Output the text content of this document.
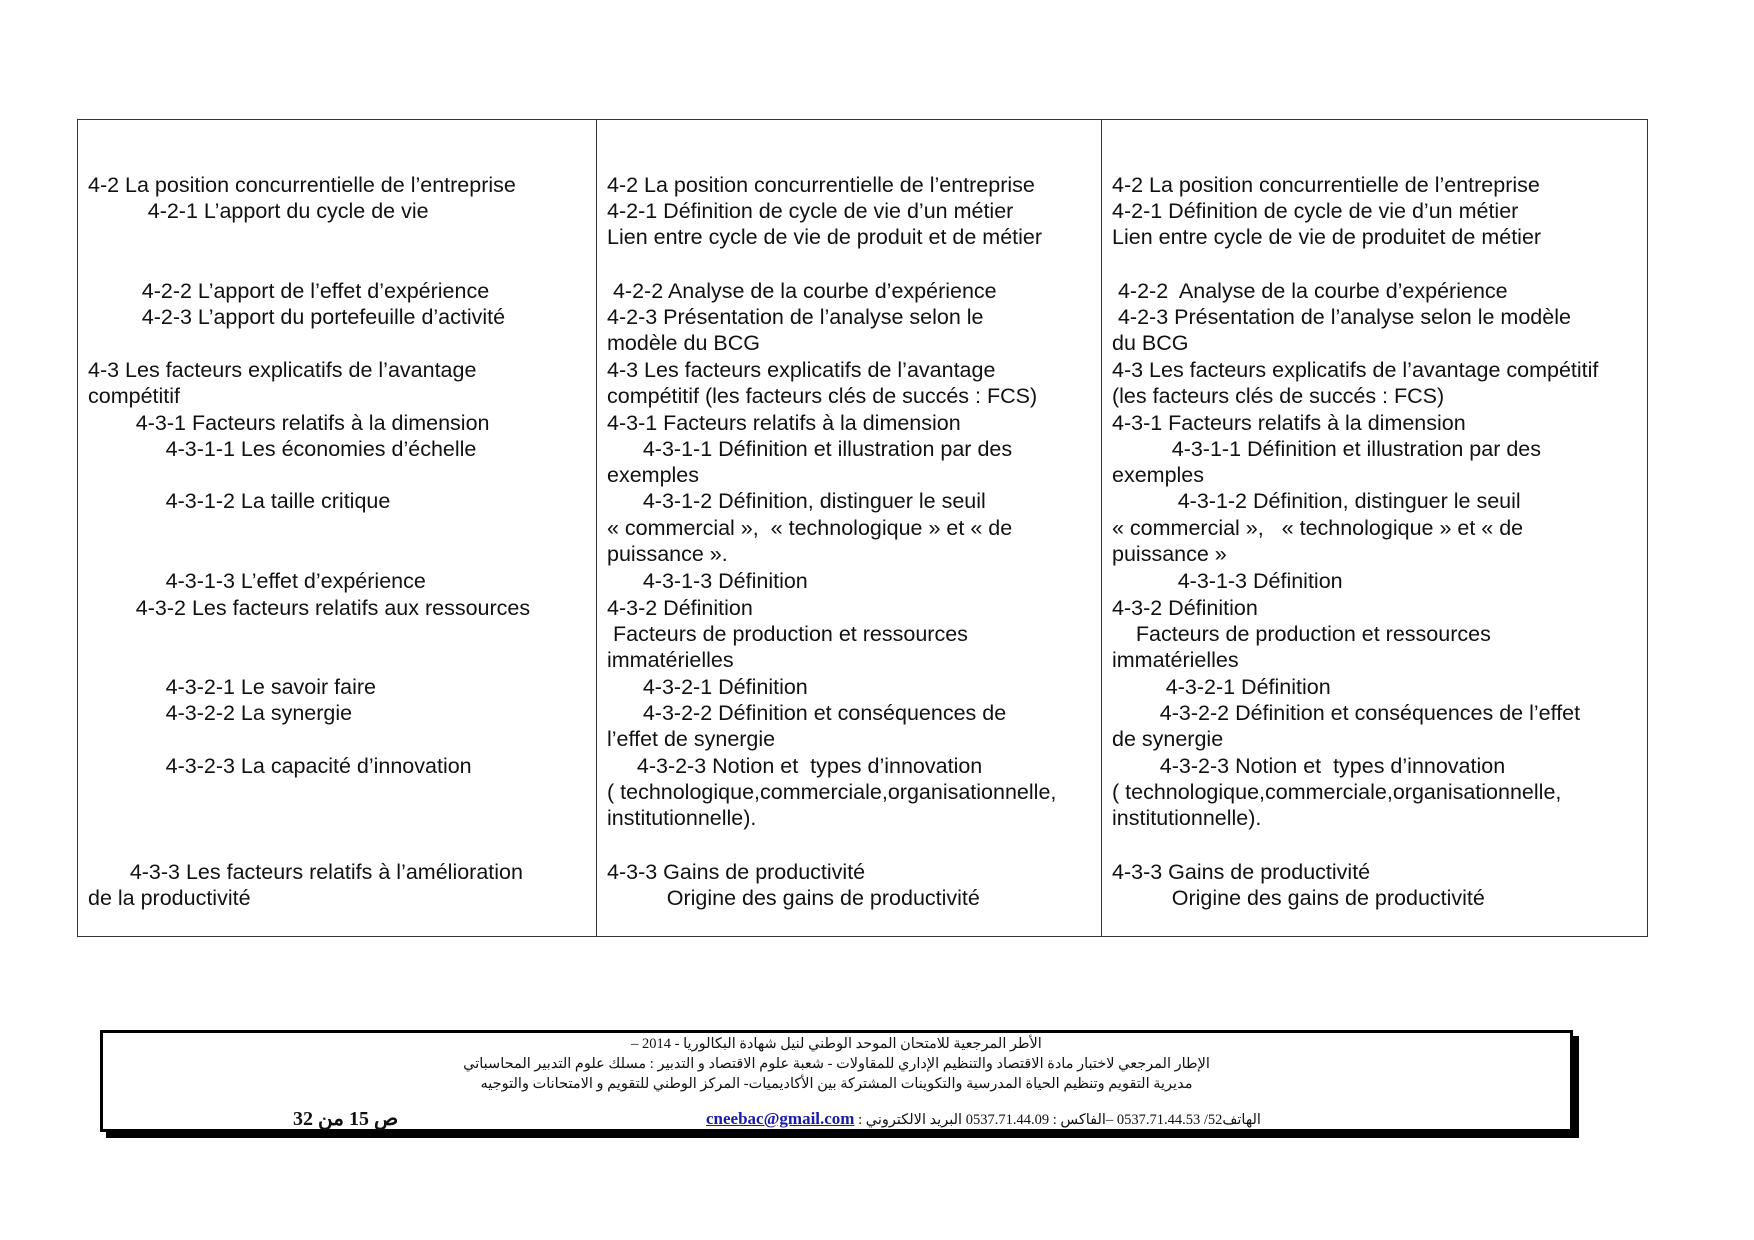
4-2 La position concurrentielle de l’entreprise
4-2-1 L’apport du cycle de vie
4-2-2 L’apport de l’effet d’expérience
4-2-3 L’apport du portefeuille d’activité
4-3 Les facteurs explicatifs de l’avantage
compétitif
4-3-1 Facteurs relatifs à la dimension
4-3-1-1 Les économies d’échelle
4-3-1-2 La taille critique
4-3-1-3 L’effet d’expérience
4-3-2 Les facteurs relatifs aux ressources
4-3-2-1 Le savoir faire
4-3-2-2 La synergie
4-3-2-3 La capacité d’innovation
4-3-3 Les facteurs relatifs à l’amélioration
de la productivité
4-2 La position concurrentielle de l’entreprise
4-2-1 Définition de cycle de vie d’un métier
Lien entre cycle de vie de produit et de métier
4-2-2 Analyse de la courbe d’expérience
4-2-3 Présentation de l’analyse selon le
modèle du BCG
4-3 Les facteurs explicatifs de l’avantage
compétitif (les facteurs clés de succés : FCS)
4-3-1 Facteurs relatifs à la dimension
4-3-1-1 Définition et illustration par des
exemples
4-3-1-2 Définition, distinguer le seuil
« commercial »,  « technologique » et « de
puissance ».
4-3-1-3 Définition
4-3-2 Définition
Facteurs de production et ressources
immatérielles
4-3-2-1 Définition
4-3-2-2 Définition et conséquences de
l’effet de synergie
4-3-2-3 Notion et  types d’innovation
( technologique,commerciale,organisationnelle,
institutionnelle).
4-3-3 Gains de productivité
Origine des gains de productivité
4-2 La position concurrentielle de l’entreprise
4-2-1 Définition de cycle de vie d’un métier
Lien entre cycle de vie de produitet de métier
4-2-2  Analyse de la courbe d’expérience
4-2-3 Présentation de l’analyse selon le modèle
du BCG
4-3 Les facteurs explicatifs de l’avantage compétitif
(les facteurs clés de succés : FCS)
4-3-1 Facteurs relatifs à la dimension
4-3-1-1 Définition et illustration par des
exemples
4-3-1-2 Définition, distinguer le seuil
« commercial »,   « technologique » et « de
puissance »
4-3-1-3 Définition
4-3-2 Définition
Facteurs de production et ressources
immatérielles
4-3-2-1 Définition
4-3-2-2 Définition et conséquences de l’effet
de synergie
4-3-2-3 Notion et  types d’innovation
( technologique,commerciale,organisationnelle,
institutionnelle).
4-3-3 Gains de productivité
Origine des gains de productivité
الأطر المرجعية للامتحان الموحد الوطني لنيل شهادة البكالوريا - 2014 –
الإطار المرجعي لاختبار مادة الاقتصاد والتنظيم الإداري للمقاولات - شعبة علوم الاقتصاد و التدبير : مسلك علوم التدبير المحاسباتي
مديرية التقويم وتنظيم الحياة المدرسية والتكوينات المشتركة بين الأكاديميات- المركز الوطني للتقويم و الامتحانات والتوجيه
ص 15 من 32	الهاتف52/ 0537.71.44.53 –الفاكس : 0537.71.44.09 البريد الالكتروني : cneebac@gmail.com
